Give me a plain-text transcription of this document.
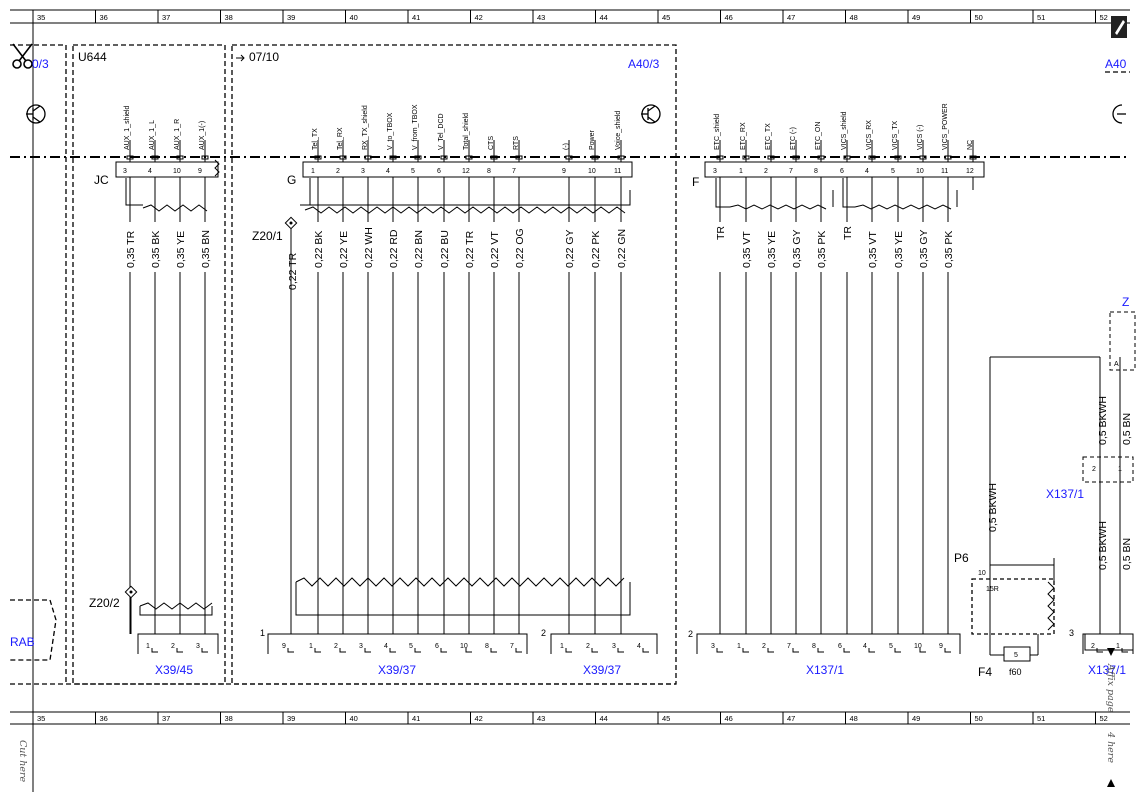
35
35
36
36
37
37
38
38
39
39
40
40
41
41
42
42
43
43
44
44
45
45
46
46
47
47
48
48
49
49
50
50
51
51
52
52
0/3 U644	07/10	A40/3	A40
3
AUX_1_shield
0,35 TR
4
AUX_1_L
0,35 BK
10
AUX_1_R
0,35 YE
9
AUX_1(-)
0,35 BN
1
Tel_TX
0,22 BK
2
Tel_RX
0,22 YE
3
RX_TX_shield
0,22 WH
4
V_to_TBOX
0,22 RD
5
V_from_TBOX
0,22 BN
6
V_Tel_DCD
0,22 BU
12
Total_shield
0,22 TR
8
CTS
0,22 VT
7
RTS
0,22 OG
9
(-)
0,22 GY
10
Power
0,22 PK
11
Voice_shield
0,22 GN
3
ETC_shield
TR
1
ETC_RX
0,35 VT
2
ETC_TX
0,35 YE
7
ETC (-)
0,35 GY
8
ETC_ON
0,35 PK
6
VICS_shield
TR
4
VICS_RX
0,35 VT
5
VICS_TX
0,35 YE
10
VICS (-)
0,35 GY
11
VICS_POWER
0,35 PK
12
NC
JC	G	F
Z20/1
0,22 TR
Z20/2
1	2	3	9	1	2	3	4	5	6	10 8	7	1	2	3	4	3	1	2	7	8	6	4	5	10 9	2	1
X39/45	X39/37	X39/37	X137/1	X137/1
X137/1
1	2	2	3
RAB
P6
10
15R
5
F4 f60
0,5 BKWH
0,5 BKWH
0,5 BKWH
0,5 BN
0,5 BN
A
Z
2	1
Cut here
Affix page
4 here
